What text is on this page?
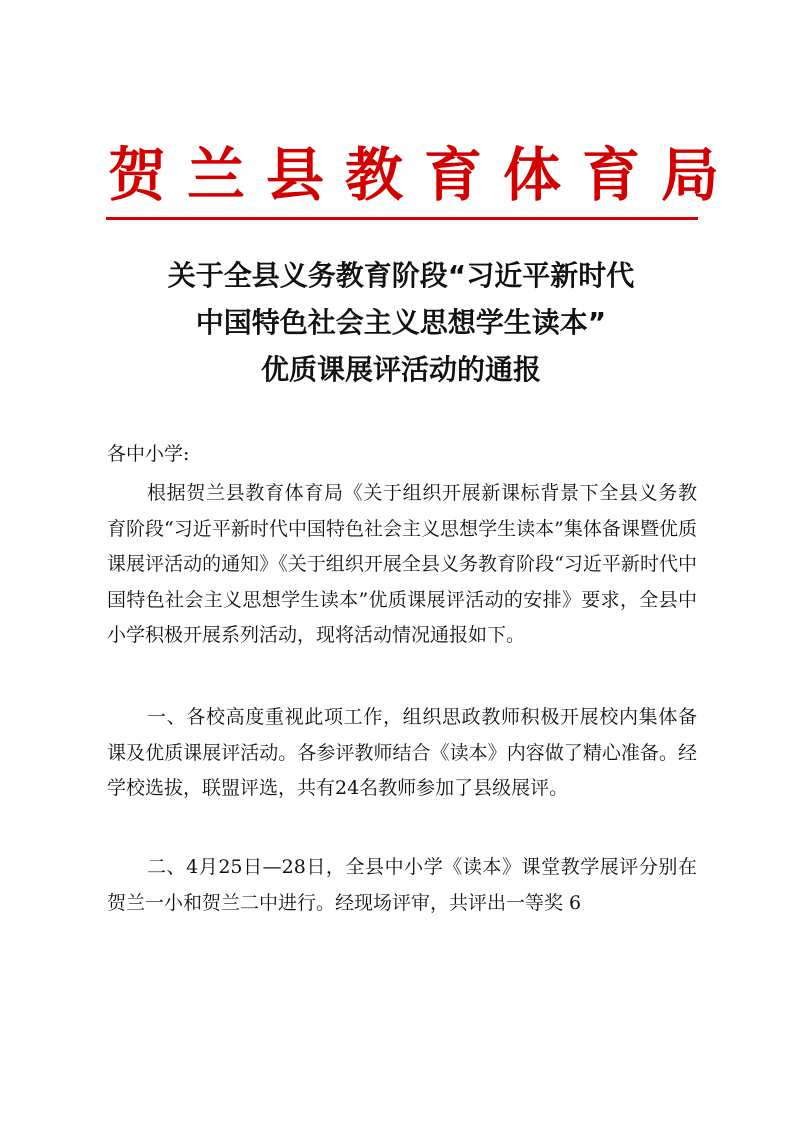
贺兰县教育体育局
关于全县义务教育阶段“习近平新时代
中国特色社会主义思想学生读本”
优质课展评活动的通报
各中小学:
根据贺兰县教育体育局《关于组织开展新课标背景下全县义务教育阶段“习近平新时代中国特色社会主义思想学生读本”集体备课暨优质课展评活动的通知》《关于组织开展全县义务教育阶段“习近平新时代中国特色社会主义思想学生读本”优质课展评活动的安排》要求，全县中小学积极开展系列活动，现将活动情况通报如下。
一、各校高度重视此项工作，组织思政教师积极开展校内集体备课及优质课展评活动。各参评教师结合《读本》内容做了精心准备。经学校选拔，联盟评选，共有24名教师参加了县级展评。
二、4月25日—28日，全县中小学《读本》课堂教学展评分别在贺兰一小和贺兰二中进行。经现场评审，共评出一等奖 6
